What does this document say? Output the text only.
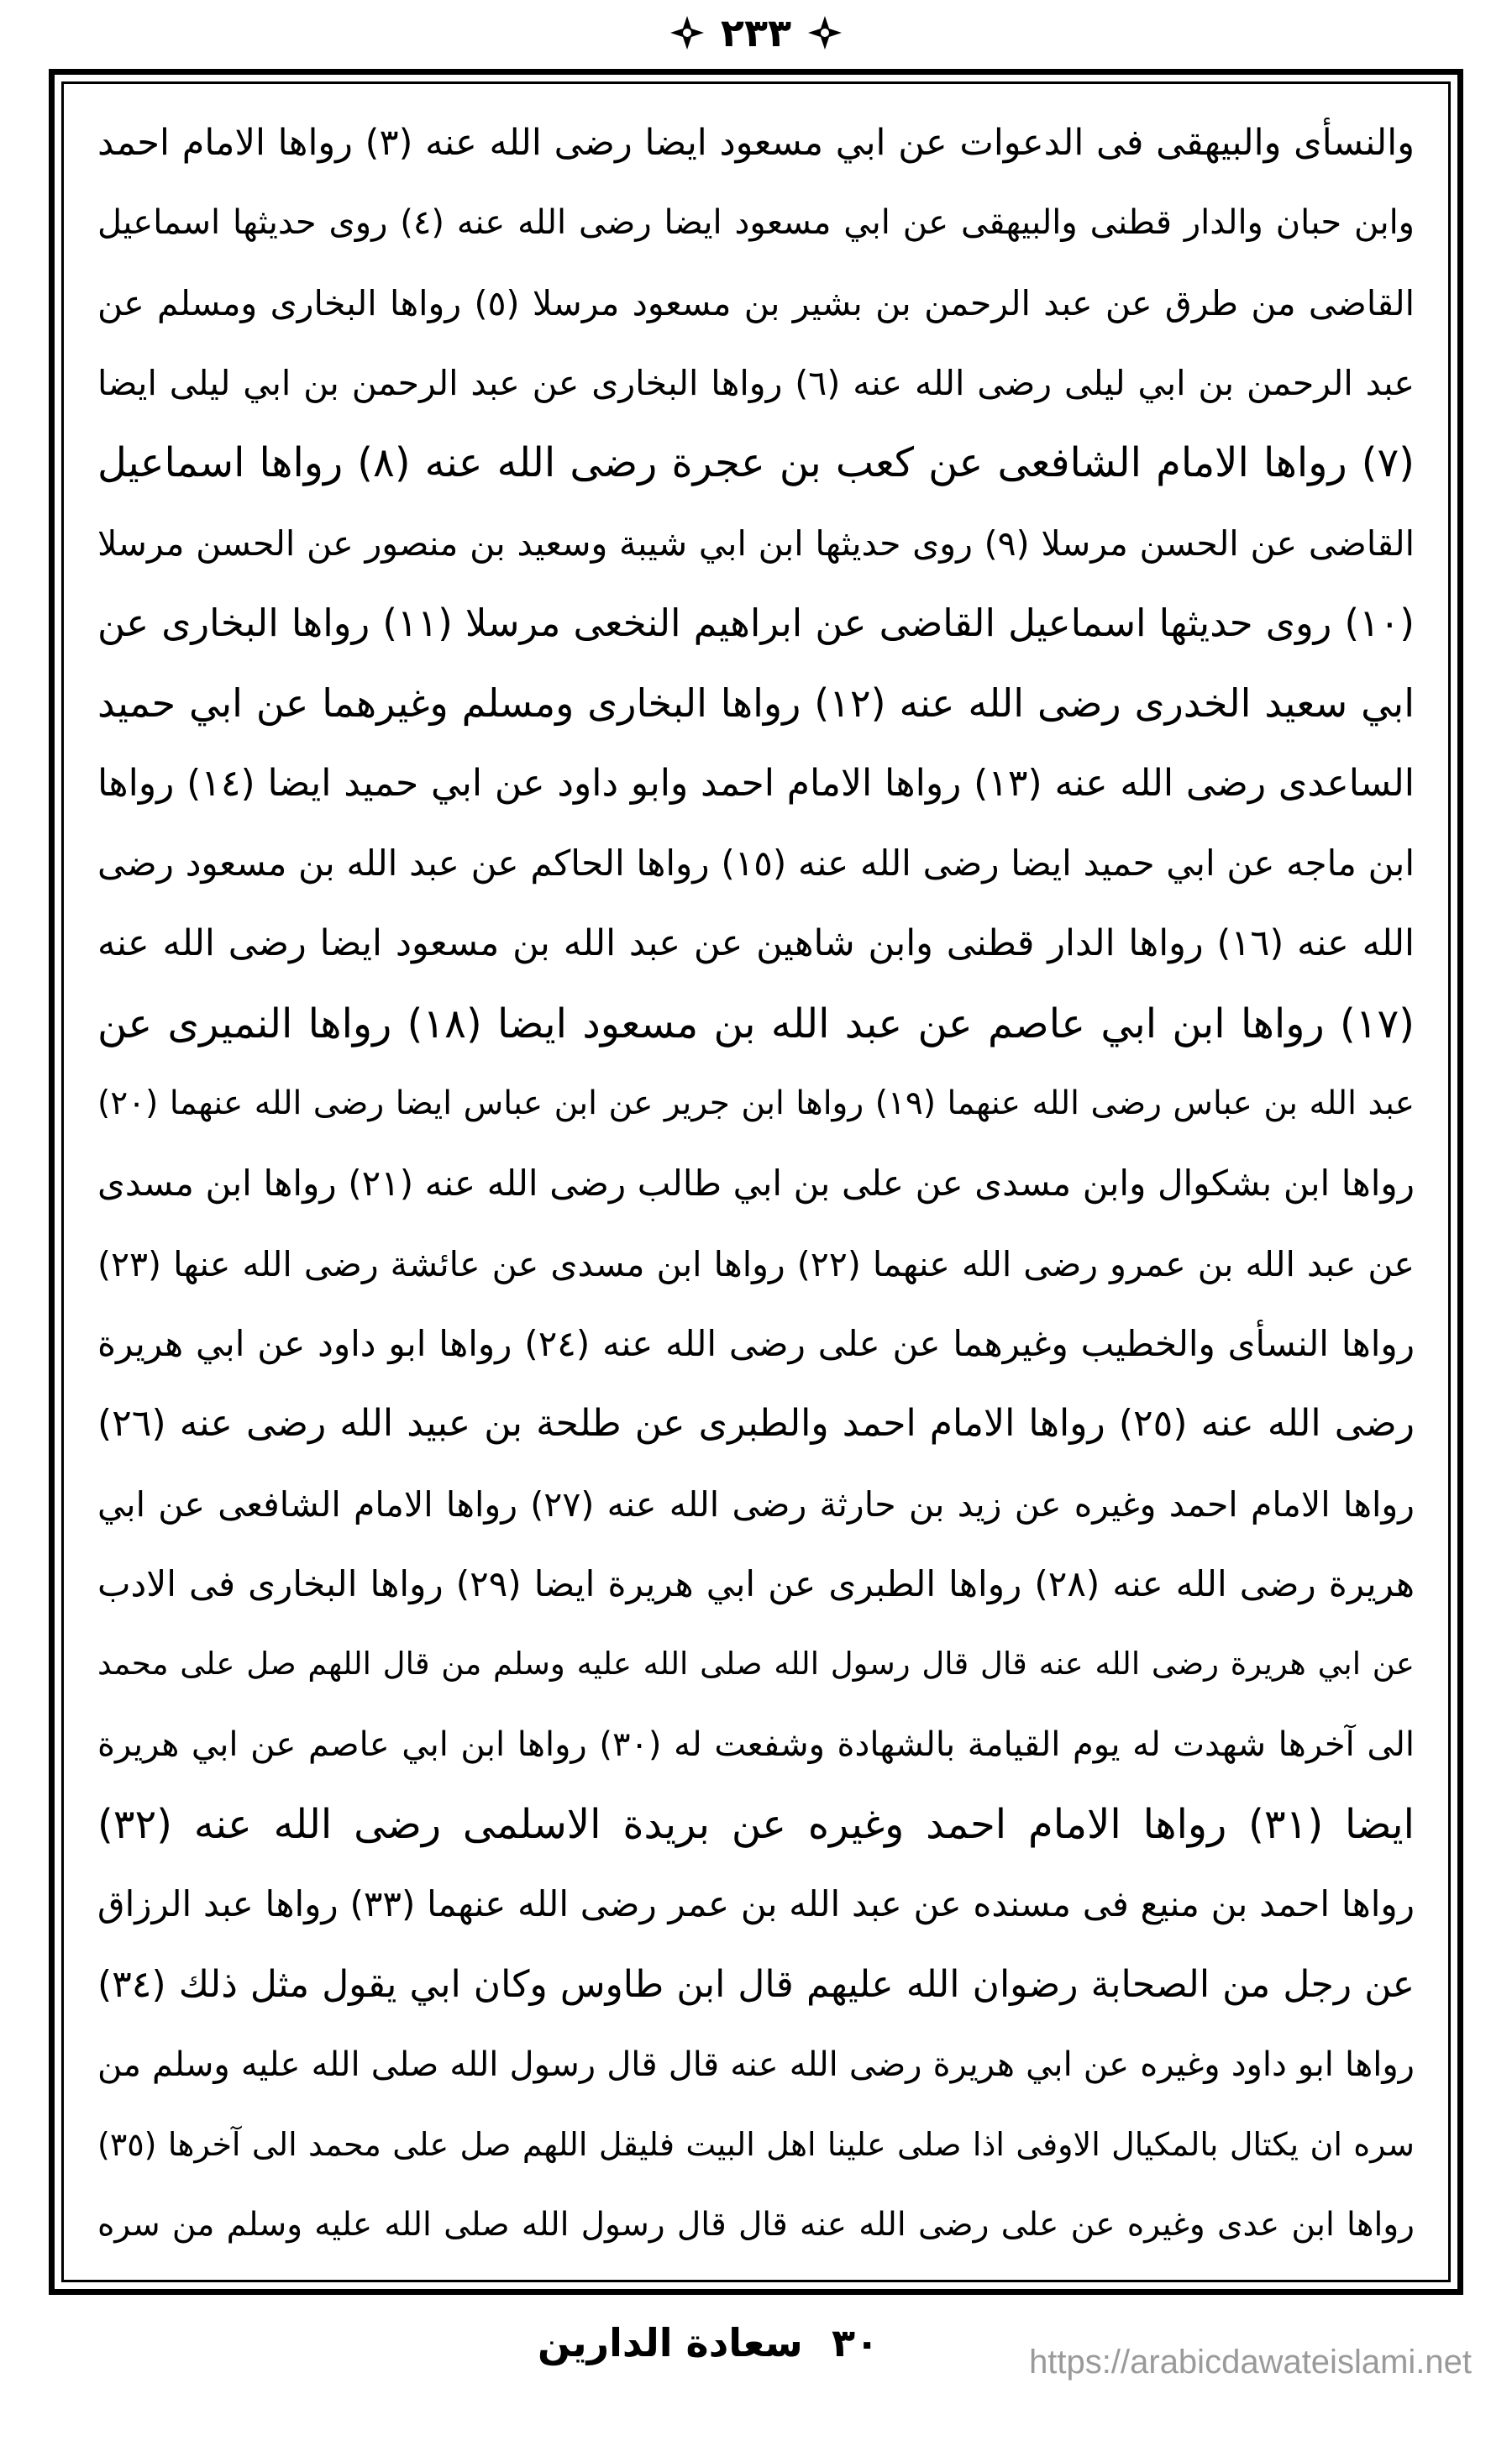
٢٣٣
والنسأى والبيهقى فى الدعوات عن ابي مسعود ايضا رضى الله عنه (٣) رواها الامام احمد
وابن حبان والدار قطنى والبيهقى عن ابي مسعود ايضا رضى الله عنه (٤) روى حديثها اسماعيل
القاضى من طرق عن عبد الرحمن بن بشير بن مسعود مرسلا (٥) رواها البخارى ومسلم عن
عبد الرحمن بن ابي ليلى رضى الله عنه (٦) رواها البخارى عن عبد الرحمن بن ابي ليلى ايضا
(٧) رواها الامام الشافعى عن كعب بن عجرة رضى الله عنه (٨) رواها اسماعيل
القاضى عن الحسن مرسلا (٩) روى حديثها ابن ابي شيبة وسعيد بن منصور عن الحسن مرسلا
(١٠) روى حديثها اسماعيل القاضى عن ابراهيم النخعى مرسلا (١١) رواها البخارى عن
ابي سعيد الخدرى رضى الله عنه (١٢) رواها البخارى ومسلم وغيرهما عن ابي حميد
الساعدى رضى الله عنه (١٣) رواها الامام احمد وابو داود عن ابي حميد ايضا (١٤) رواها
ابن ماجه عن ابي حميد ايضا رضى الله عنه (١٥) رواها الحاكم عن عبد الله بن مسعود رضى
الله عنه (١٦) رواها الدار قطنى وابن شاهين عن عبد الله بن مسعود ايضا رضى الله عنه
(١٧) رواها ابن ابي عاصم عن عبد الله بن مسعود ايضا (١٨) رواها النميرى عن
عبد الله بن عباس رضى الله عنهما (١٩) رواها ابن جرير عن ابن عباس ايضا رضى الله عنهما (٢٠)
رواها ابن بشكوال وابن مسدى عن على بن ابي طالب رضى الله عنه (٢١) رواها ابن مسدى
عن عبد الله بن عمرو رضى الله عنهما (٢٢) رواها ابن مسدى عن عائشة رضى الله عنها (٢٣)
رواها النسأى والخطيب وغيرهما عن على رضى الله عنه (٢٤) رواها ابو داود عن ابي هريرة
رضى الله عنه (٢٥) رواها الامام احمد والطبرى عن طلحة بن عبيد الله رضى عنه (٢٦)
رواها الامام احمد وغيره عن زيد بن حارثة رضى الله عنه (٢٧) رواها الامام الشافعى عن ابي
هريرة رضى الله عنه (٢٨) رواها الطبرى عن ابي هريرة ايضا (٢٩) رواها البخارى فى الادب
عن ابي هريرة رضى الله عنه قال قال رسول الله صلى الله عليه وسلم من قال اللهم صل على محمد
الى آخرها شهدت له يوم القيامة بالشهادة وشفعت له (٣٠) رواها ابن ابي عاصم عن ابي هريرة
ايضا (٣١) رواها الامام احمد وغيره عن بريدة الاسلمى رضى الله عنه (٣٢)
رواها احمد بن منيع فى مسنده عن عبد الله بن عمر رضى الله عنهما (٣٣) رواها عبد الرزاق
عن رجل من الصحابة رضوان الله عليهم قال ابن طاوس وكان ابي يقول مثل ذلك (٣٤)
رواها ابو داود وغيره عن ابي هريرة رضى الله عنه قال قال رسول الله صلى الله عليه وسلم من
سره ان يكتال بالمكيال الاوفى اذا صلى علينا اهل البيت فليقل اللهم صل على محمد الى آخرها (٣٥)
رواها ابن عدى وغيره عن على رضى الله عنه قال قال رسول الله صلى الله عليه وسلم من سره
سعادة الدارين ٣٠	https://arabicdawateislami.net
